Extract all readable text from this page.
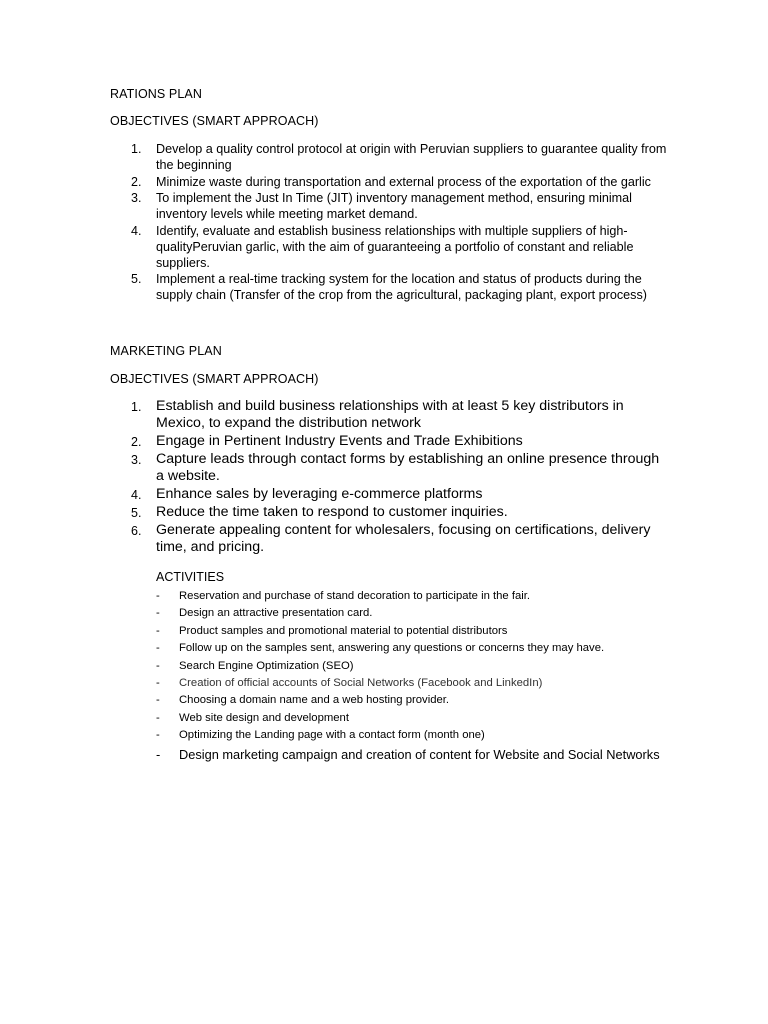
RATIONS PLAN
OBJECTIVES (SMART APPROACH)
1. Develop a quality control protocol at origin with Peruvian suppliers to guarantee quality from the beginning
2. Minimize waste during transportation and external process of the exportation of the garlic
3. To implement the Just In Time (JIT) inventory management method, ensuring minimal inventory levels while meeting market demand.
4. Identify, evaluate and establish business relationships with multiple suppliers of high-qualityPeruvian garlic, with the aim of guaranteeing a portfolio of constant and reliable suppliers.
5. Implement a real-time tracking system for the location and status of products during the supply chain (Transfer of the crop from the agricultural, packaging plant, export process)
MARKETING PLAN
OBJECTIVES (SMART APPROACH)
1. Establish and build business relationships with at least 5 key distributors in Mexico, to expand the distribution network
2. Engage in Pertinent Industry Events and Trade Exhibitions
3. Capture leads through contact forms by establishing an online presence through a website.
4. Enhance sales by leveraging e-commerce platforms
5. Reduce the time taken to respond to customer inquiries.
6. Generate appealing content for wholesalers, focusing on certifications, delivery time, and pricing.
ACTIVITIES
- Reservation and purchase of stand decoration to participate in the fair.
- Design an attractive presentation card.
- Product samples and promotional material to potential distributors
- Follow up on the samples sent, answering any questions or concerns they may have.
- Search Engine Optimization (SEO)
- Creation of official accounts of Social Networks (Facebook and LinkedIn)
- Choosing a domain name and a web hosting provider.
- Web site design and development
- Optimizing the Landing page with a contact form (month one)
- Design marketing campaign and creation of content for Website and Social Networks
